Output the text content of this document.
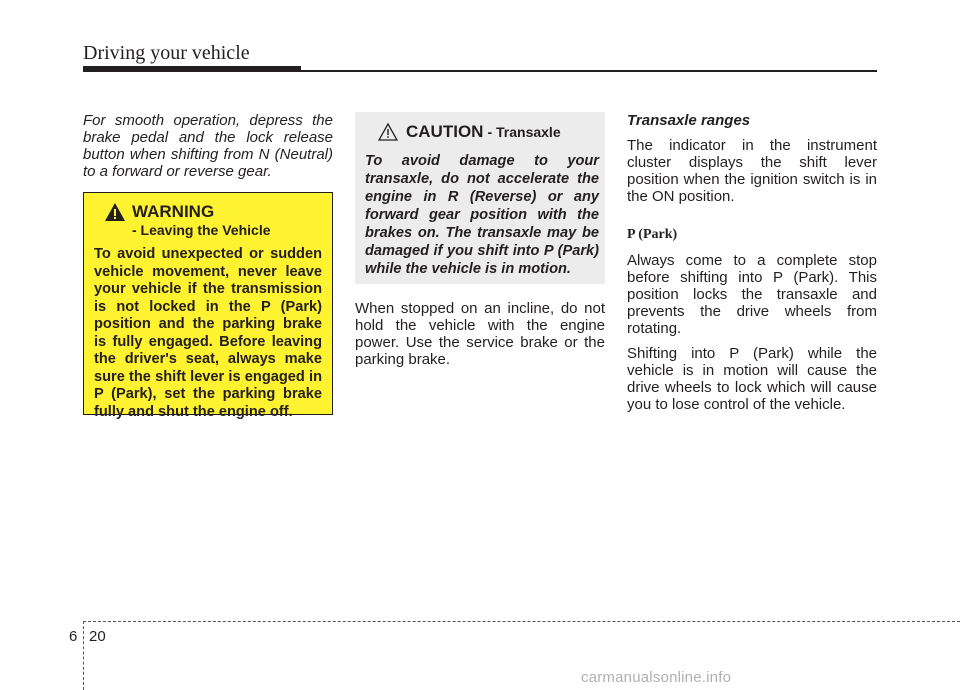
Driving your vehicle

For smooth operation, depress the brake pedal and the lock release button when shifting from N (Neutral) to a forward or reverse gear.

WARNING
- Leaving the Vehicle

To avoid unexpected or sudden vehicle movement, never leave your vehicle if the transmission is not locked in the P (Park) position and the parking brake is fully engaged. Before leaving the driver's seat, always make sure the shift lever is engaged in P (Park), set the parking brake fully and shut the engine off.

CAUTION - Transaxle

To avoid damage to your transaxle, do not accelerate the engine in R (Reverse) or any forward gear position with the brakes on. The transaxle may be damaged if you shift into P (Park) while the vehicle is in motion.

When stopped on an incline, do not hold the vehicle with the engine power. Use the service brake or the parking brake.

Transaxle ranges

The indicator in the instrument cluster displays the shift lever position when the ignition switch is in the ON position.

P (Park)

Always come to a complete stop before shifting into P (Park). This position locks the transaxle and prevents the drive wheels from rotating.

Shifting into P (Park) while the vehicle is in motion will cause the drive wheels to lock which will cause you to lose control of the vehicle.

6 20
carmanualsonline.info
